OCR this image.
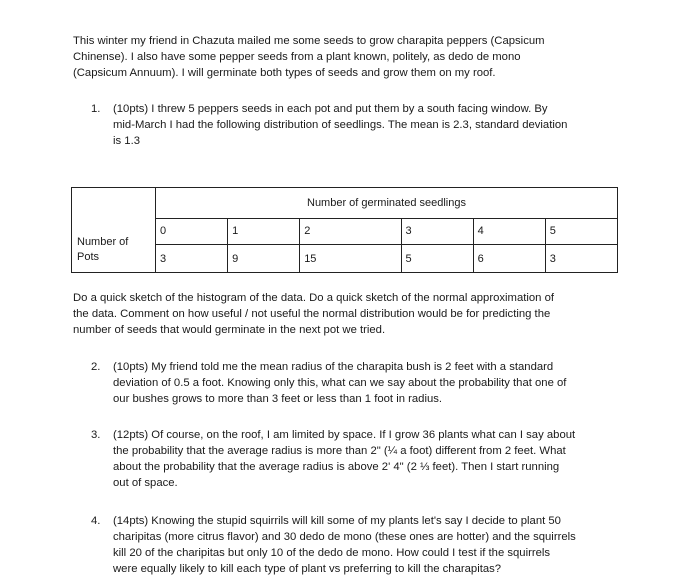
This winter my friend in Chazuta mailed me some seeds to grow charapita peppers (Capsicum
Chinense). I also have some pepper seeds from a plant known, politely, as dedo de mono
(Capsicum Annuum). I will germinate both types of seeds and grow them on my roof.
1.	(10pts) I threw 5 peppers seeds in each pot and put them by a south facing window. By
mid-March I had the following distribution of seedlings. The mean is 2.3, standard deviation
is 1.3
	Number of germinated seedlings					
	0	1	2	3	4	5
	3	9	15	5	6	3
Number of
Pots
Do a quick sketch of the histogram of the data. Do a quick sketch of the normal approximation of
the data. Comment on how useful / not useful the normal distribution would be for predicting the
number of seeds that would germinate in the next pot we tried.
2.	(10pts) My friend told me the mean radius of the charapita bush is 2 feet with a standard
deviation of 0.5 a foot. Knowing only this, what can we say about the probability that one of
our bushes grows to more than 3 feet or less than 1 foot in radius.
3.	(12pts) Of course, on the roof, I am limited by space. If I grow 36 plants what can I say about
the probability that the average radius is more than 2" (¼ a foot) different from 2 feet. What
about the probability that the average radius is above 2' 4" (2 ⅓ feet). Then I start running
out of space.
4.	(14pts) Knowing the stupid squirrils will kill some of my plants let's say I decide to plant 50
charipitas (more citrus flavor) and 30 dedo de mono (these ones are hotter) and the squirrels
kill 20 of the charipitas but only 10 of the dedo de mono. How could I test if the squirrels
were equally likely to kill each type of plant vs preferring to kill the charapitas?
